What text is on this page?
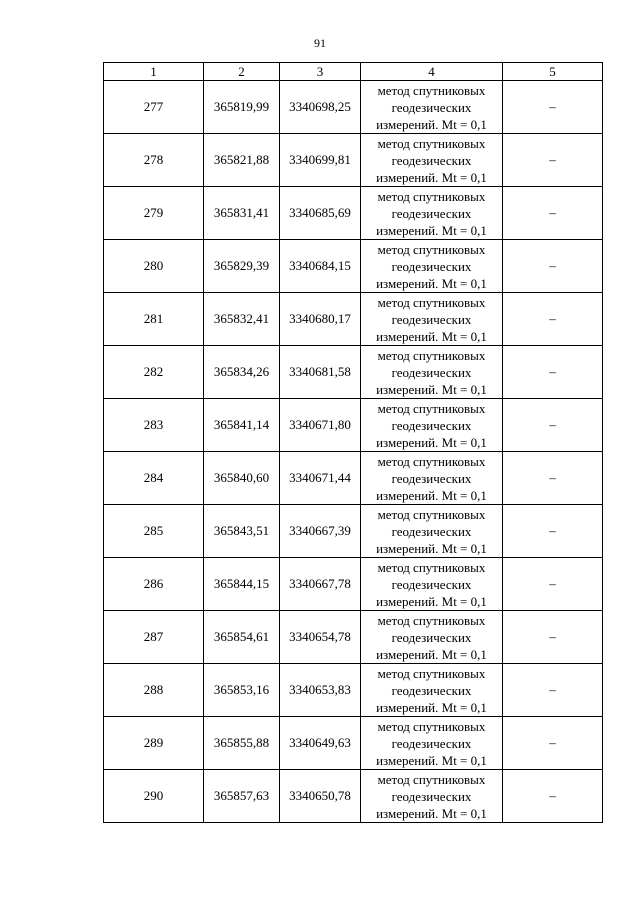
91
1	2	3	4	5
277	365819,99	3340698,25	метод спутниковых
геодезических
измерений. Mt = 0,1	–
278	365821,88	3340699,81	метод спутниковых
геодезических
измерений. Mt = 0,1	–
279	365831,41	3340685,69	метод спутниковых
геодезических
измерений. Mt = 0,1	–
280	365829,39	3340684,15	метод спутниковых
геодезических
измерений. Mt = 0,1	–
281	365832,41	3340680,17	метод спутниковых
геодезических
измерений. Mt = 0,1	–
282	365834,26	3340681,58	метод спутниковых
геодезических
измерений. Mt = 0,1	–
283	365841,14	3340671,80	метод спутниковых
геодезических
измерений. Mt = 0,1	–
284	365840,60	3340671,44	метод спутниковых
геодезических
измерений. Mt = 0,1	–
285	365843,51	3340667,39	метод спутниковых
геодезических
измерений. Mt = 0,1	–
286	365844,15	3340667,78	метод спутниковых
геодезических
измерений. Mt = 0,1	–
287	365854,61	3340654,78	метод спутниковых
геодезических
измерений. Mt = 0,1	–
288	365853,16	3340653,83	метод спутниковых
геодезических
измерений. Mt = 0,1	–
289	365855,88	3340649,63	метод спутниковых
геодезических
измерений. Mt = 0,1	–
290	365857,63	3340650,78	метод спутниковых
геодезических
измерений. Mt = 0,1	–
